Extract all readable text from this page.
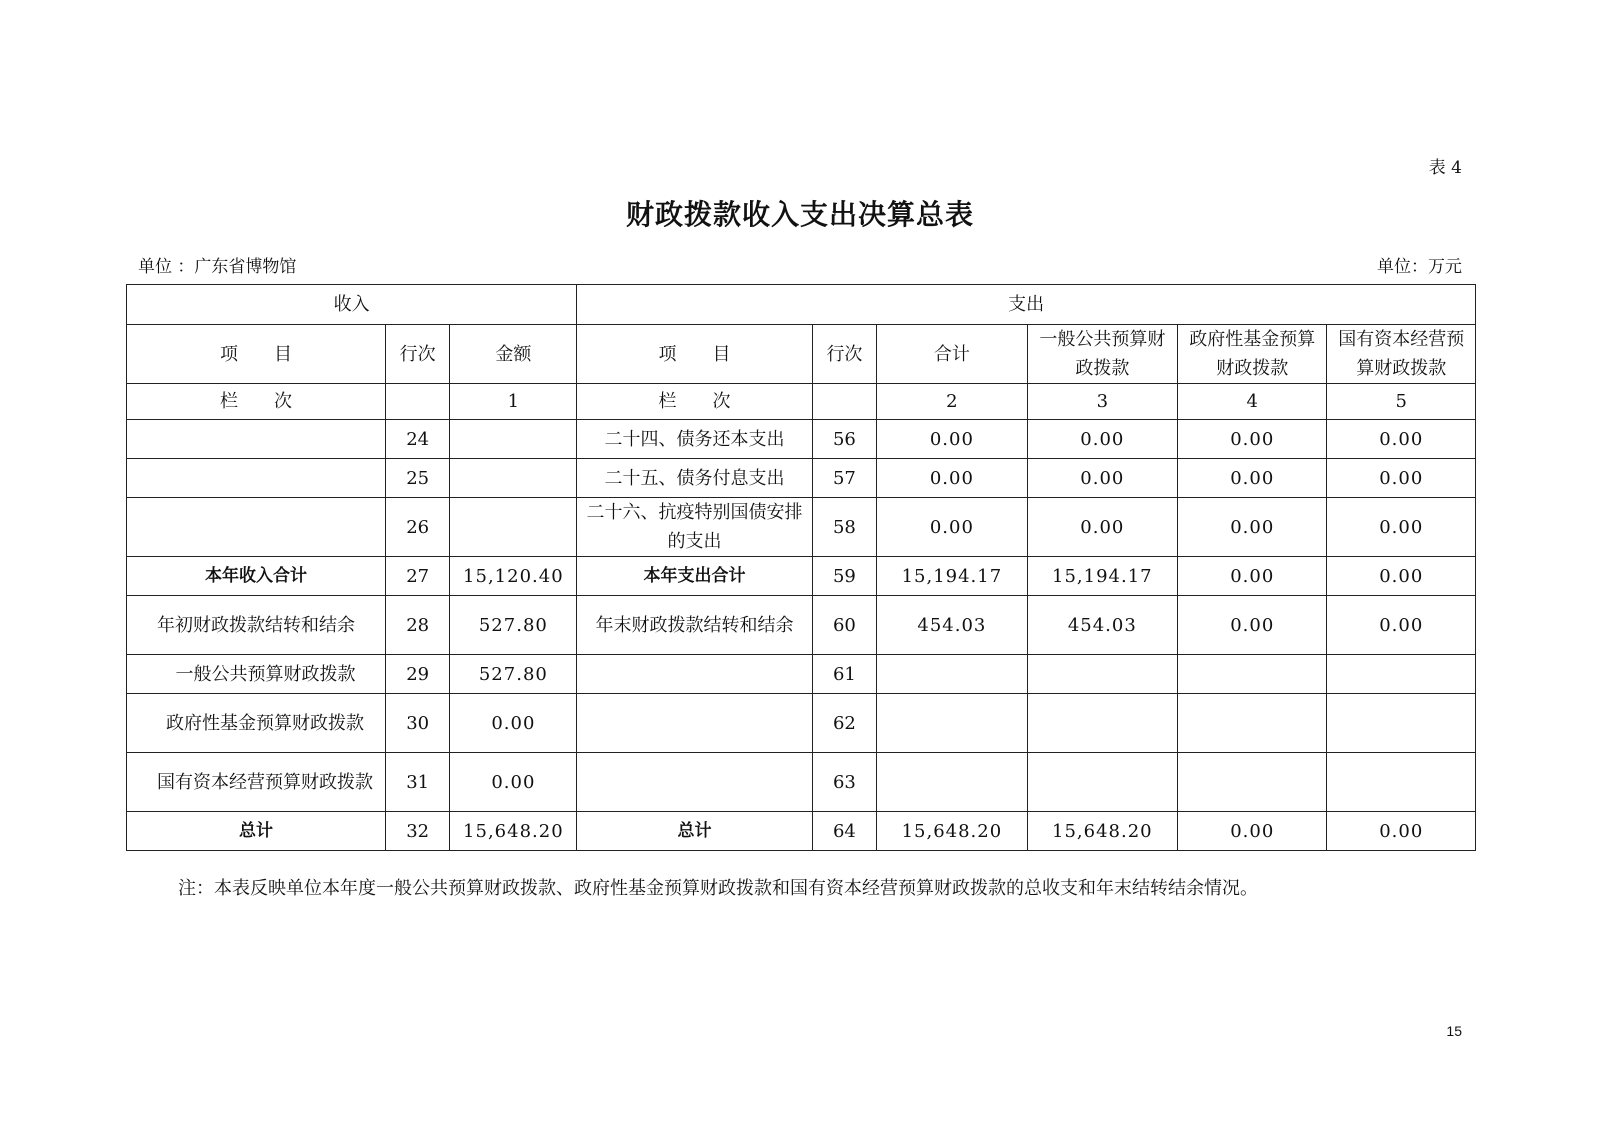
表 4
财政拨款收入支出决算总表
单位 ：广东省博物馆	单位：万元
收入			支出					
项　　目	行次	金额	项　　目	行次	合计	一般公共预算财政拨款	政府性基金预算财政拨款	国有资本经营预算财政拨款
栏　　次		1	栏　　次		2	3	4	5
	24		二十四、债务还本支出	56	0.00	0.00	0.00	0.00
	25		二十五、债务付息支出	57	0.00	0.00	0.00	0.00
	26		二十六、抗疫特别国债安排的支出	58	0.00	0.00	0.00	0.00
本年收入合计	27	15,120.40	本年支出合计	59	15,194.17	15,194.17	0.00	0.00
年初财政拨款结转和结余	28	527.80	年末财政拨款结转和结余	60	454.03	454.03	0.00	0.00
一般公共预算财政拨款	29	527.80		61				
政府性基金预算财政拨款	30	0.00		62				
国有资本经营预算财政拨款	31	0.00		63				
总计	32	15,648.20	总计	64	15,648.20	15,648.20	0.00	0.00
注：本表反映单位本年度一般公共预算财政拨款、政府性基金预算财政拨款和国有资本经营预算财政拨款的总收支和年末结转结余情况。
15
